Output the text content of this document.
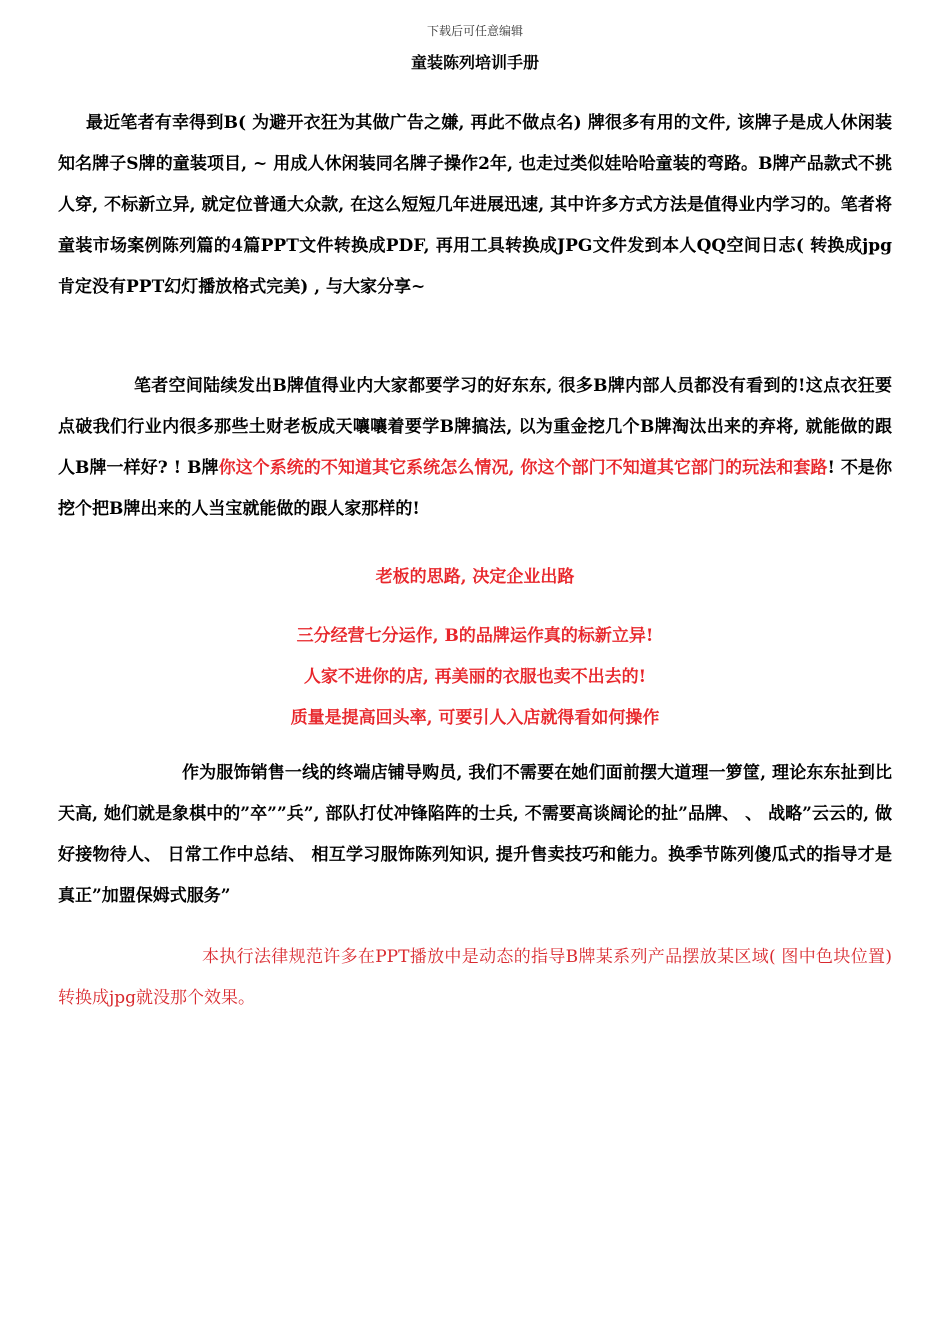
下载后可任意编辑
童装陈列培训手册

最近笔者有幸得到B( 为避开衣狂为其做广告之嫌, 再此不做点名) 牌很多有用的文件, 该牌子是成人休闲装知名牌子S牌的童装项目, ~ 用成人休闲装同名牌子操作2年, 也走过类似娃哈哈童装的弯路。B牌产品款式不挑人穿, 不标新立异, 就定位普通大众款, 在这么短短几年进展迅速, 其中许多方式方法是值得业内学习的。笔者将童装市场案例陈列篇的4篇PPT文件转换成PDF, 再用工具转换成JPG文件发到本人QQ空间日志( 转换成jpg肯定没有PPT幻灯播放格式完美) , 与大家分享~

笔者空间陆续发出B牌值得业内大家都要学习的好东东, 很多B牌内部人员都没有看到的!这点衣狂要点破我们行业内很多那些土财老板成天嚷嚷着要学B牌搞法, 以为重金挖几个B牌淘汰出来的弃将, 就能做的跟人B牌一样好? ! B牌你这个系统的不知道其它系统怎么情况, 你这个部门不知道其它部门的玩法和套路! 不是你挖个把B牌出来的人当宝就能做的跟人家那样的!

老板的思路, 决定企业出路

三分经营七分运作, B的品牌运作真的标新立异!

人家不进你的店, 再美丽的衣服也卖不出去的!

质量是提高回头率, 可要引人入店就得看如何操作

作为服饰销售一线的终端店铺导购员, 我们不需要在她们面前摆大道理一箩筐, 理论东东扯到比天高, 她们就是象棋中的”卒””兵”, 部队打仗冲锋陷阵的士兵, 不需要高谈阔论的扯”品牌、 、 战略”云云的, 做好接物待人、 日常工作中总结、 相互学习服饰陈列知识, 提升售卖技巧和能力。换季节陈列傻瓜式的指导才是真正”加盟保姆式服务”

本执行法律规范许多在PPT播放中是动态的指导B牌某系列产品摆放某区域( 图中色块位置) 转换成jpg就没那个效果。
